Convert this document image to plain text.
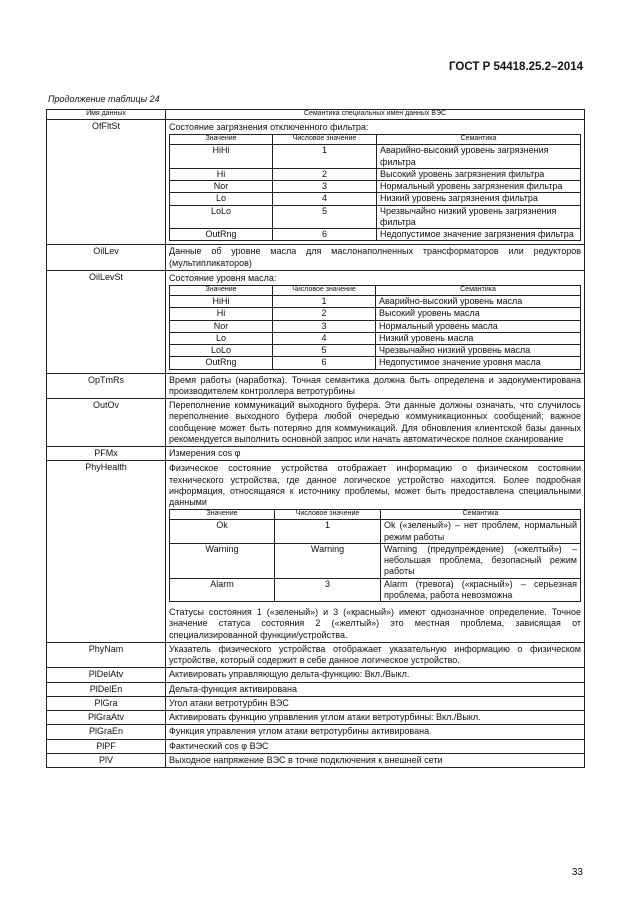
ГОСТ Р 54418.25.2–2014
Продолжение таблицы 24
Имя данных	Семантика специальных имен данных ВЭС
OfFltSt	Состояние загрязнения отключенного фильтра:
Значение	Числовое значение	Семантика
HiHi	1	Аварийно-высокий уровень загрязнения фильтра
Hi	2	Высокий уровень загрязнения фильтра
Nor	3	Нормальный уровень загрязнения фильтра
Lo	4	Низкий уровень загрязнения фильтра
LoLo	5	Чрезвычайно низкий уровень загрязнения фильтра
OutRng	6	Недопустимое значение загрязнения фильтра

OilLev	Данные об уровне масла для маслонаполненных трансформаторов или редукторов (мультипликаторов)
OilLevSt	Состояние уровня масла:
Значение	Числовое значение	Семантика
HiHi	1	Аварийно-высокий уровень масла
Hi	2	Высокий уровень масла
Nor	3	Нормальный уровень масла
Lo	4	Низкий уровень масла
LoLo	5	Чрезвычайно низкий уровень масла
OutRng	6	Недопустимое значение уровня масла

OpTmRs	Время работы (наработка). Точная семантика должна быть определена и задокументирована производителем контроллера ветротурбины
OutOv	Переполнение коммуникаций выходного буфера. Эти данные должны означать, что случилось переполнение выходного буфера любой очередью коммуникационных сообщений; важное сообщение может быть потеряно для коммуникаций. Для обновления клиентской базы данных рекомендуется выполнить основной запрос или начать автоматическое полное сканирование
PFMx	Измерения cos φ
PhyHealth	Физическое состояние устройства отображает информацию о физическом состоянии технического устройства, где данное логическое устройство находится. Более подробная информация, относящаяся к источнику проблемы, может быть предоставлена специальными данными
Значение	Числовое значение	Семантика
Ok	1	Ok («зеленый») – нет проблем, нормальный режим работы
Warning	Warning	Warning (предупреждение) («желтый») – небольшая проблема, безопасный режим работы
Alarm	3	Alarm (тревога) («красный») – серьезная проблема, работа невозможна
Статусы состояния 1 («зеленый») и 3 («красный») имеют однозначное определение. Точное значение статуса состояния 2 («желтый») это местная проблема, зависящая от специализированной функции/устройства.

PhyNam	Указатель физического устройства отображает указательную информацию о физическом устройстве, который содержит в себе данное логическое устройство.
PlDelAtv	Активировать управляющую дельта-функцию: Вкл./Выкл.
PlDelEn	Дельта-функция активирована
PlGra	Угол атаки ветротурбин ВЭС
PlGraAtv	Активировать функцию управления углом атаки ветротурбины: Вкл./Выкл.
PlGraEn	Функция управления углом атаки ветротурбины активирована
PlPF	Фактический cos φ ВЭС
PlV	Выходное напряжение ВЭС в точке подключения к внешней сети
33
